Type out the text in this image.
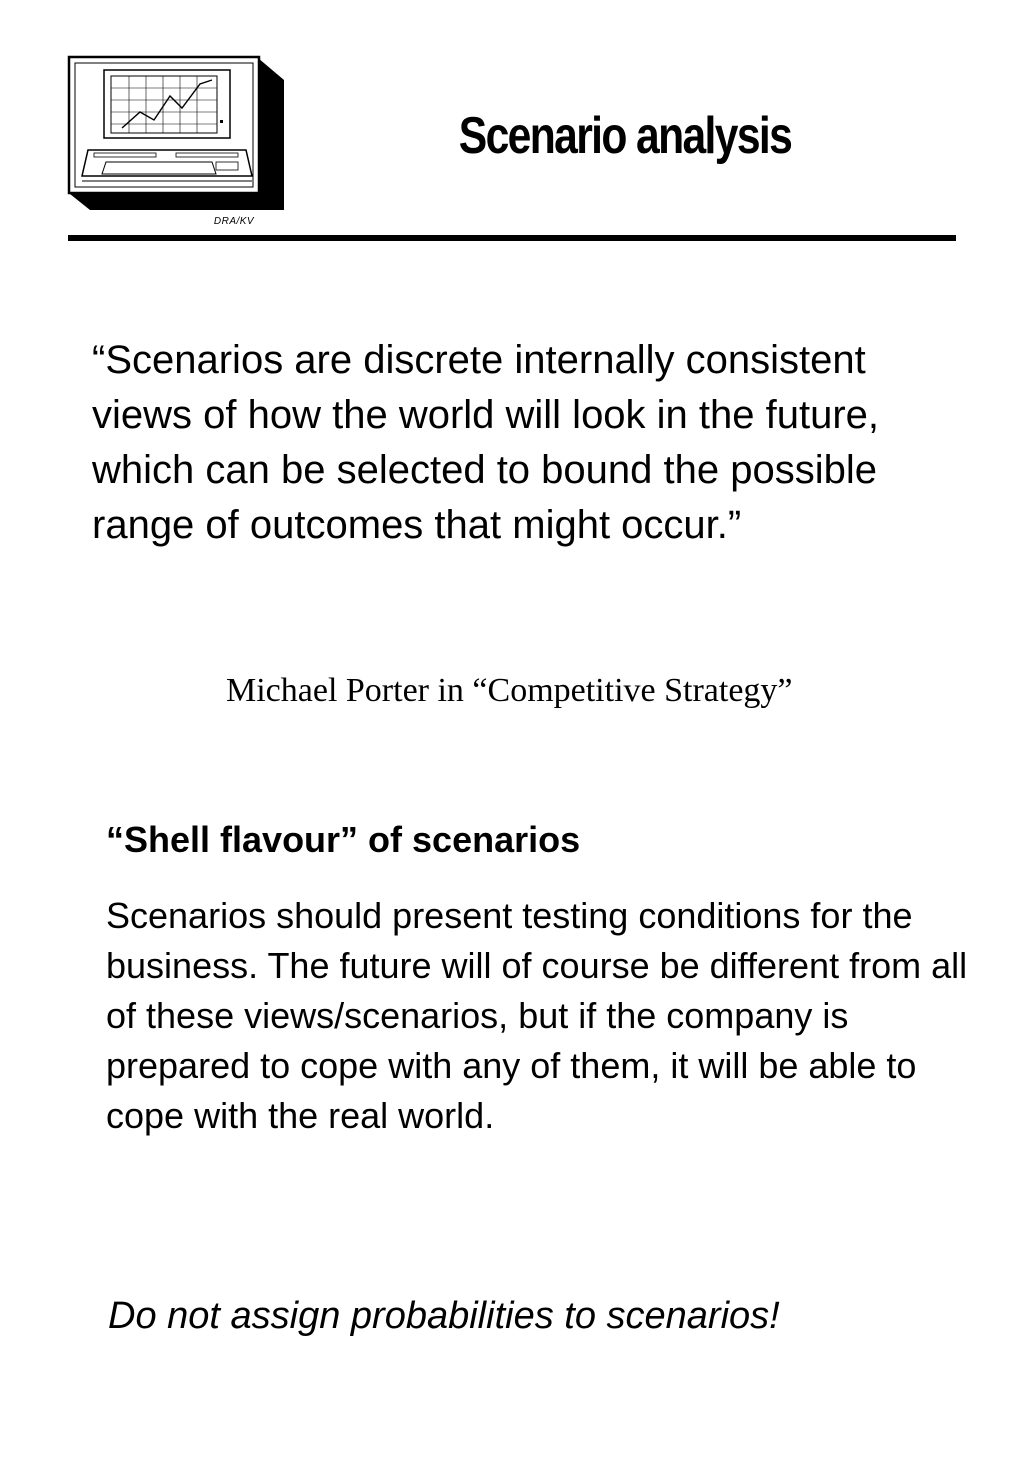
DRA/KV
Scenario analysis

“Scenarios are discrete internally consistent views of how the world will look in the future, which can be selected to bound the possible range of outcomes that might occur.”

Michael Porter in “Competitive Strategy”

“Shell flavour” of scenarios

Scenarios should present testing conditions for the business. The future will of course be different from all of these views/scenarios, but if the company is prepared to cope with any of them, it will be able to cope with the real world.

Do not assign probabilities to scenarios!
